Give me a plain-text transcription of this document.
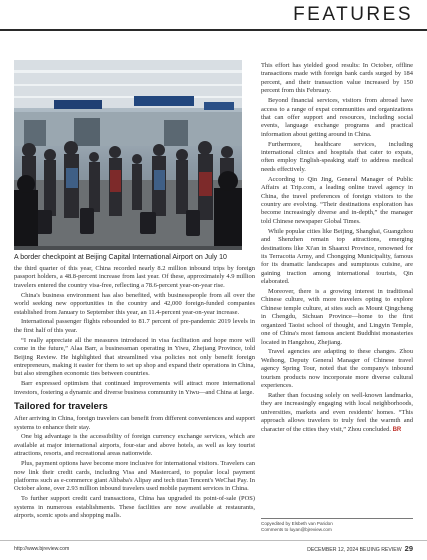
FEATURES
A border checkpoint at Beijing Capital International Airport on July 10

the third quarter of this year, China recorded nearly 8.2 million inbound trips by foreign passport holders, a 48.8-percent increase from last year. Of these, approximately 4.9 million travelers entered the country visa-free, reflecting a 78.6-percent year-on-year rise.

China's business environment has also benefited, with businesspeople from all over the world seeking new opportunities in the country and 42,000 foreign-funded companies established from January to September this year, an 11.4-percent year-on-year increase.

International passenger flights rebounded to 81.7 percent of pre-pandemic 2019 levels in the first half of this year.

“I really appreciate all the measures introduced in visa facilitation and hope more will come in the future,” Alaa Barr, a businessman operating in Yiwu, Zhejiang Province, told Beijing Review. He highlighted that streamlined visa policies not only benefit foreign entrepreneurs, making it easier for them to set up shop and expand their operations in China, but also strengthen economic ties between countries.

Barr expressed optimism that continued improvements will attract more international investors, fostering a dynamic and diverse business community in Yiwu—and China at large.

Tailored for travelers

After arriving in China, foreign travelers can benefit from different conveniences and support systems to enhance their stay.

One big advantage is the accessibility of foreign currency exchange services, which are available at major international airports, four-star and above hotels, as well as key tourist attractions, resorts, and recreational areas nationwide.

Plus, payment options have become more inclusive for international visitors. Travelers can now link their credit cards, including Visa and Mastercard, to popular local payment platforms such as e-commerce giant Alibaba's Alipay and tech titan Tencent's WeChat Pay. In October alone, over 2.93 million inbound travelers used mobile payment services in China.

To further support credit card transactions, China has upgraded its point-of-sale (POS) systems in numerous establishments. These facilities are now available at restaurants, airports, scenic spots and shopping malls.

This effort has yielded good results: In October, offline transactions made with foreign bank cards surged by 184 percent, and their transaction value increased by 150 percent from this February.

Beyond financial services, visitors from abroad have access to a range of expat communities and organizations that can offer support and resources, including social events, language exchange programs and practical information about getting around in China.

Furthermore, healthcare services, including international clinics and hospitals that cater to expats, often employ English-speaking staff to address medical needs effectively.

According to Qin Jing, General Manager of Public Affairs at Trip.com, a leading online travel agency in China, the travel preferences of foreign visitors to the country are evolving. “Their destinations exploration has become increasingly diverse and in-depth,” the manager told Chinese newspaper Global Times.

While popular cities like Beijing, Shanghai, Guangzhou and Shenzhen remain top attractions, emerging destinations like Xi'an in Shaanxi Province, renowned for its Terracotta Army, and Chongqing Municipality, famous for its dramatic landscapes and sumptuous cuisine, are gaining traction among international tourists, Qin elaborated.

Moreover, there is a growing interest in traditional Chinese culture, with more travelers opting to explore Chinese temple culture, at sites such as Mount Qingcheng in Chengdu, Sichuan Province—home to the first organized Taoist school of thought, and Lingyin Temple, one of China's most famous ancient Buddhist monasteries located in Hangzhou, Zhejiang.

Travel agencies are adapting to these changes. Zhou Weihong, Deputy General Manager of Chinese travel agency Spring Tour, noted that the company's inbound tourism products now incorporate more diverse cultural experiences.

Rather than focusing solely on well-known landmarks, they are increasingly engaging with local neighborhoods, universities, markets and even residents' homes. “This approach allows travelers to truly feel the warmth and character of the cities they visit,” Zhou concluded. BR

Copyedited by Elsbeth van Paridon
Comments to luyan@bjreview.com
http://www.bjreview.com	DECEMBER 12, 2024 BEIJING REVIEW 29
